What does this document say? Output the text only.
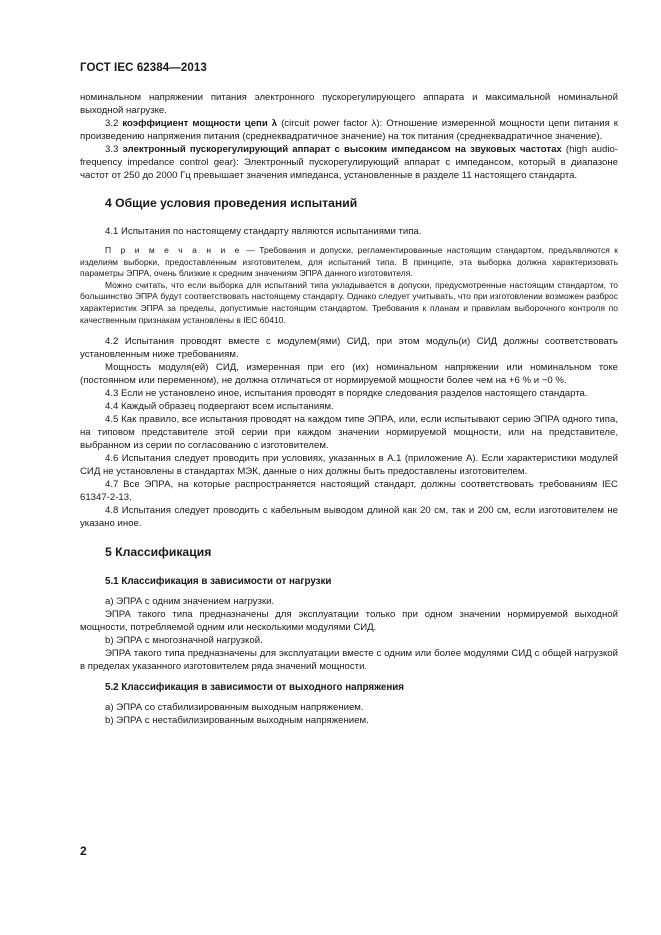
ГОСТ IEC 62384—2013

номинальном напряжении питания электронного пускорегулирующего аппарата и максимальной номинальной выходной нагрузке.

3.2 коэффициент мощности цепи λ (circuit power factor λ): Отношение измеренной мощности цепи питания к произведению напряжения питания (среднеквадратичное значение) на ток питания (среднеквадратичное значение).

3.3 электронный пускорегулирующий аппарат с высоким импедансом на звуковых частотах (high audio-frequency impedance control gear): Электронный пускорегулирующий аппарат с импедансом, который в диапазоне частот от 250 до 2000 Гц превышает значения импеданса, установленные в разделе 11 настоящего стандарта.

4 Общие условия проведения испытаний

4.1 Испытания по настоящему стандарту являются испытаниями типа.

П р и м е ч а н и е — Требования и допуски, регламентированные настоящим стандартом, предъявляются к изделиям выборки, предоставленным изготовителем, для испытаний типа. В принципе, эта выборка должна характеризовать параметры ЭПРА, очень близкие к средним значениям ЭПРА данного изготовителя.

Можно считать, что если выборка для испытаний типа укладывается в допуски, предусмотренные настоящим стандартом, то большинство ЭПРА будут соответствовать настоящему стандарту. Однако следует учитывать, что при изготовлении возможен разброс характеристик ЭПРА за пределы, допустимые настоящим стандартом. Требования к планам и правилам выборочного контроля по качественным признакам установлены в IEC 60410.

4.2 Испытания проводят вместе с модулем(ями) СИД, при этом модуль(и) СИД должны соответствовать установленным ниже требованиям.

Мощность модуля(ей) СИД, измеренная при его (их) номинальном напряжении или номинальном токе (постоянном или переменном), не должна отличаться от нормируемой мощности более чем на +6 % и −0 %.

4.3 Если не установлено иное, испытания проводят в порядке следования разделов настоящего стандарта.

4.4 Каждый образец подвергают всем испытаниям.

4.5 Как правило, все испытания проводят на каждом типе ЭПРА, или, если испытывают серию ЭПРА одного типа, на типовом представителе этой серии при каждом значении нормируемой мощности, или на представителе, выбранном из серии по согласованию с изготовителем.

4.6 Испытания следует проводить при условиях, указанных в А.1 (приложение А). Если характеристики модулей СИД не установлены в стандартах МЭК, данные о них должны быть предоставлены изготовителем.

4.7 Все ЭПРА, на которые распространяется настоящий стандарт, должны соответствовать требованиям IEC 61347-2-13.

4.8 Испытания следует проводить с кабельным выводом длиной как 20 см, так и 200 см, если изготовителем не указано иное.

5 Классификация
5.1 Классификация в зависимости от нагрузки

а) ЭПРА с одним значением нагрузки.

ЭПРА такого типа предназначены для эксплуатации только при одном значении нормируемой выходной мощности, потребляемой одним или несколькими модулями СИД.

b) ЭПРА с многозначной нагрузкой.

ЭПРА такого типа предназначены для эксплуатации вместе с одним или более модулями СИД с общей нагрузкой в пределах указанного изготовителем ряда значений мощности.

5.2 Классификация в зависимости от выходного напряжения

а) ЭПРА со стабилизированным выходным напряжением.

b) ЭПРА с нестабилизированным выходным напряжением.

2
